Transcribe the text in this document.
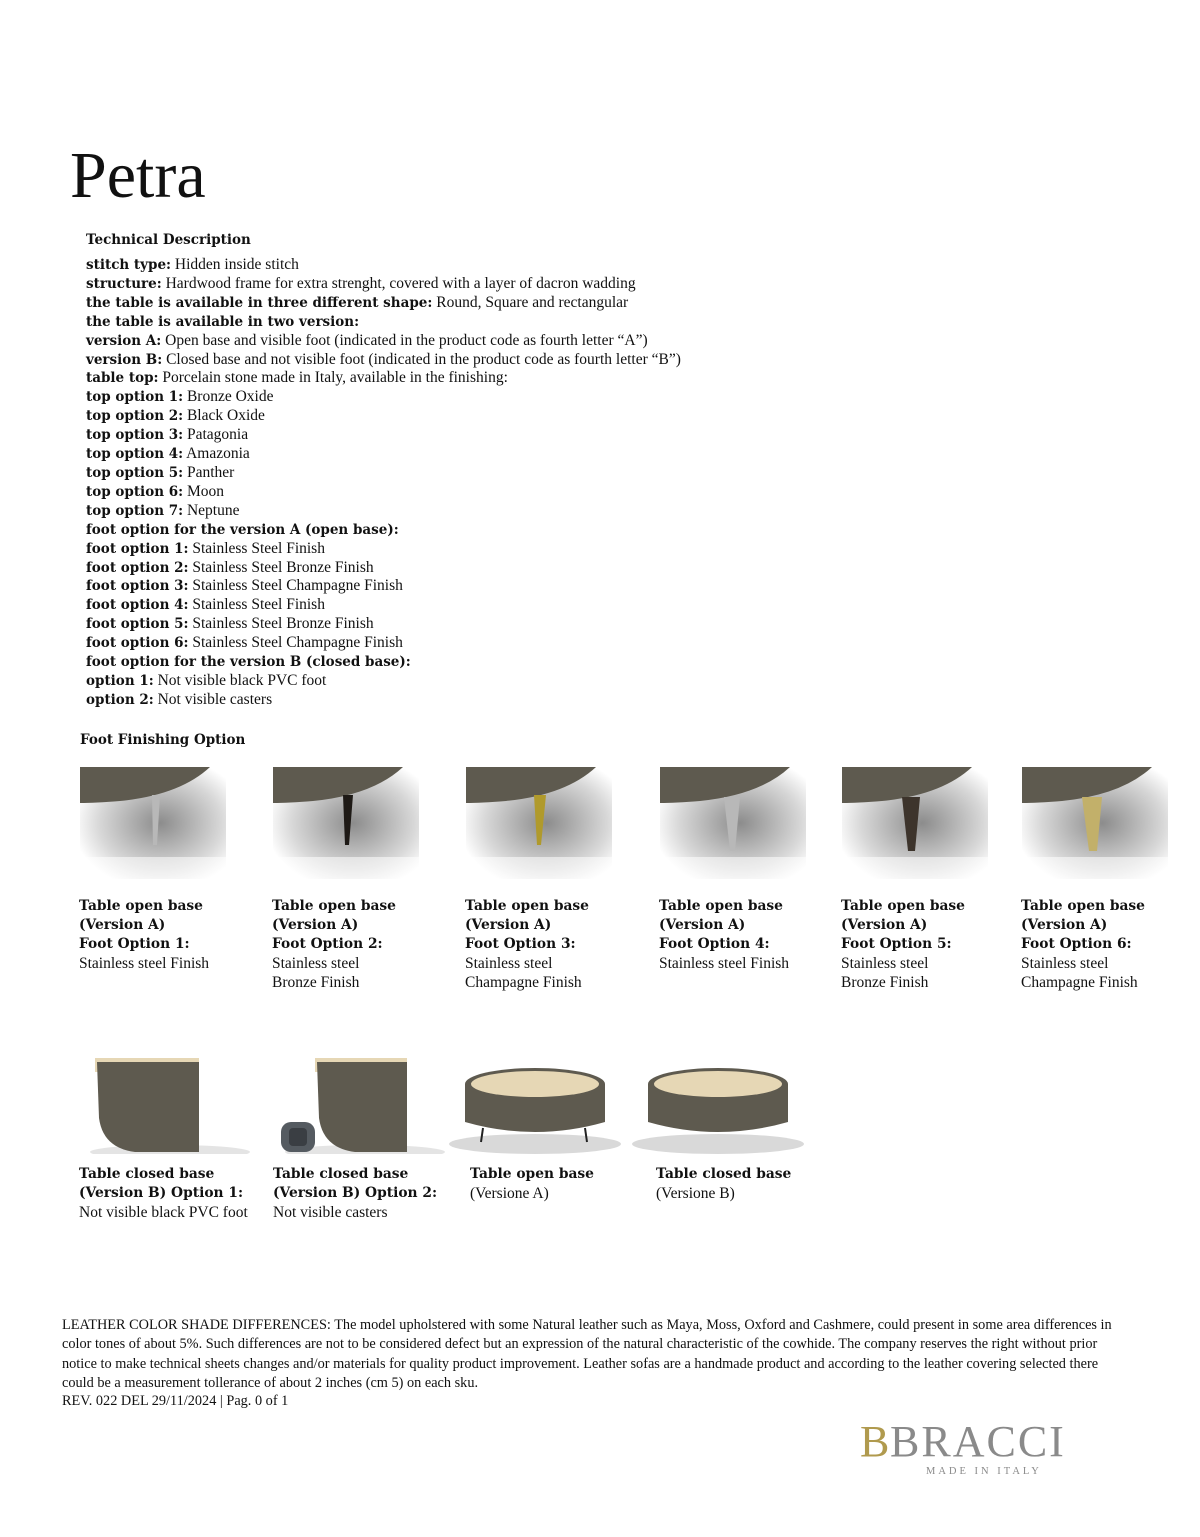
Petra
Technical Description
stitch type: Hidden inside stitch
structure: Hardwood frame for extra strenght, covered with a layer of dacron wadding
the table is available in three different shape: Round, Square and rectangular
the table is available in two version:
version A: Open base and visible foot (indicated in the product code as fourth letter “A”)
version B: Closed base and not visible foot (indicated in the product code as fourth letter “B”)
table top: Porcelain stone made in Italy, available in the finishing:
top option 1: Bronze Oxide
top option 2: Black Oxide
top option 3: Patagonia
top option 4: Amazonia
top option 5: Panther
top option 6: Moon
top option 7: Neptune
foot option for the version A (open base):
foot option 1: Stainless Steel Finish
foot option 2: Stainless Steel Bronze Finish
foot option 3: Stainless Steel Champagne Finish
foot option 4: Stainless Steel Finish
foot option 5: Stainless Steel Bronze Finish
foot option 6: Stainless Steel Champagne Finish
foot option for the version B (closed base):
option 1: Not visible black PVC foot
option 2: Not visible casters
Foot Finishing Option
Table open base
(Version A)
Foot Option 1:
Stainless steel Finish
Table open base
(Version A)
Foot Option 2:
Stainless steel
Bronze Finish
Table open base
(Version A)
Foot Option 3:
Stainless steel
Champagne Finish
Table open base
(Version A)
Foot Option 4:
Stainless steel Finish
Table open base
(Version A)
Foot Option 5:
Stainless steel
Bronze Finish
Table open base
(Version A)
Foot Option 6:
Stainless steel
Champagne Finish
Table closed base
(Version B) Option 1:
Not visible black PVC foot
Table closed base
(Version B) Option 2:
Not visible casters
Table open base
(Versione A)
Table closed base
(Versione B)

LEATHER COLOR SHADE DIFFERENCES: The model upholstered with some Natural leather such as Maya, Moss, Oxford and Cashmere, could present in some area differences in color tones of about 5%. Such differences are not to be considered defect but an expression of the natural characteristic of the cowhide. The company reserves the right without prior notice to make technical sheets changes and/or materials for quality product improvement. Leather sofas are a handmade product and according to the leather covering selected there could be a measurement tollerance of about 2 inches (cm 5) on each sku.

REV. 022 DEL 29/11/2024 | Pag. 0 of 1
B BRACCI
MADE IN ITALY
